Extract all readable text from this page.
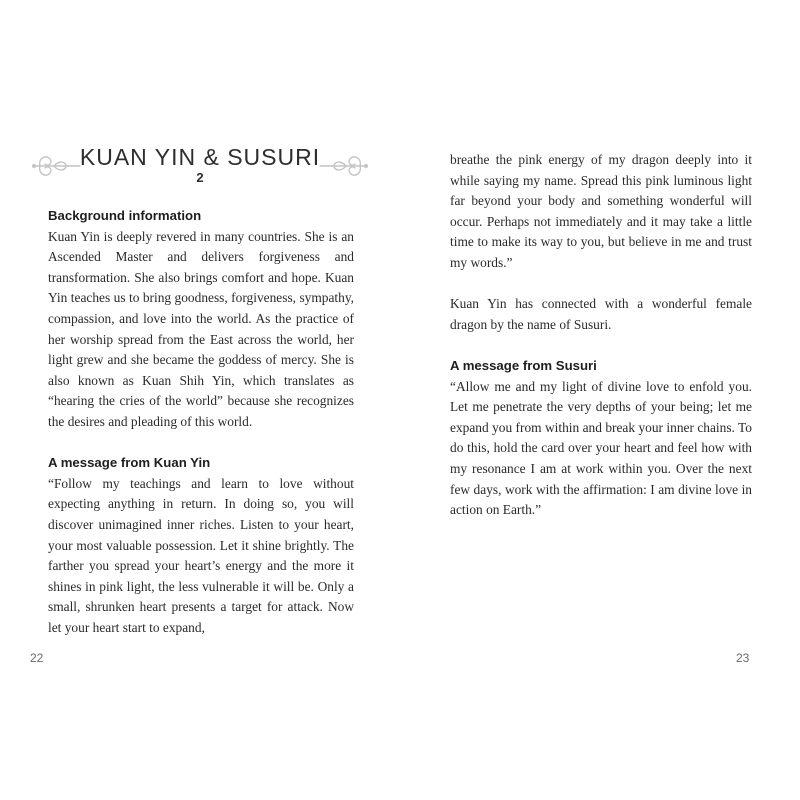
KUAN YIN & SUSURI
2
Background information

Kuan Yin is deeply revered in many countries. She is an Ascended Master and delivers forgiveness and transformation. She also brings comfort and hope. Kuan Yin teaches us to bring goodness, forgiveness, sympathy, compassion, and love into the world. As the practice of her worship spread from the East across the world, her light grew and she became the goddess of mercy. She is also known as Kuan Shih Yin, which translates as “hearing the cries of the world” because she recognizes the desires and pleading of this world.

A message from Kuan Yin

“Follow my teachings and learn to love without expecting anything in return. In doing so, you will discover unimagined inner riches. Listen to your heart, your most valuable possession. Let it shine brightly. The farther you spread your heart’s energy and the more it shines in pink light, the less vulnerable it will be. Only a small, shrunken heart presents a target for attack. Now let your heart start to expand,

22

breathe the pink energy of my dragon deeply into it while saying my name. Spread this pink luminous light far beyond your body and something wonderful will occur. Perhaps not immediately and it may take a little time to make its way to you, but believe in me and trust my words.”

Kuan Yin has connected with a wonderful female dragon by the name of Susuri.

A message from Susuri

“Allow me and my light of divine love to enfold you. Let me penetrate the very depths of your being; let me expand you from within and break your inner chains. To do this, hold the card over your heart and feel how with my resonance I am at work within you. Over the next few days, work with the affirmation: I am divine love in action on Earth.”

23
